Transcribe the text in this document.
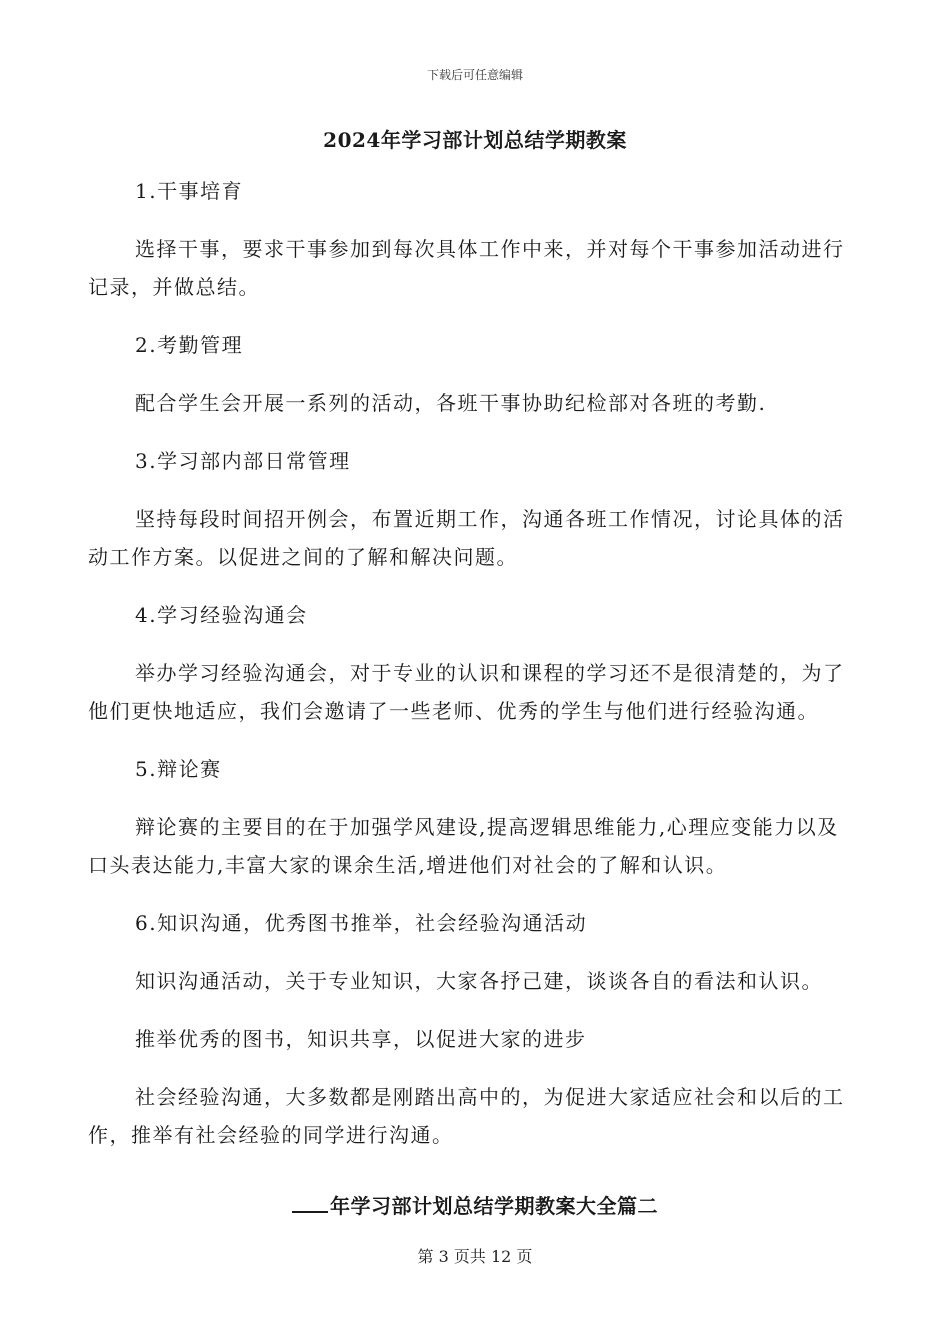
下载后可任意编辑
2024年学习部计划总结学期教案

1.干事培育

选择干事，要求干事参加到每次具体工作中来，并对每个干事参加活动进行记录，并做总结。

2.考勤管理

配合学生会开展一系列的活动，各班干事协助纪检部对各班的考勤.

3.学习部内部日常管理

坚持每段时间招开例会，布置近期工作，沟通各班工作情况，讨论具体的活动工作方案。以促进之间的了解和解决问题。

4.学习经验沟通会

举办学习经验沟通会，对于专业的认识和课程的学习还不是很清楚的，为了他们更快地适应，我们会邀请了一些老师、优秀的学生与他们进行经验沟通。

5.辩论赛

辩论赛的主要目的在于加强学风建设,提高逻辑思维能力,心理应变能力以及口头表达能力,丰富大家的课余生活,增进他们对社会的了解和认识。

6.知识沟通，优秀图书推举，社会经验沟通活动

知识沟通活动，关于专业知识，大家各抒己建，谈谈各自的看法和认识。

推举优秀的图书，知识共享，以促进大家的进步

社会经验沟通，大多数都是刚踏出高中的，为促进大家适应社会和以后的工作，推举有社会经验的同学进行沟通。

年学习部计划总结学期教案大全篇二
第 3 页共 12 页
